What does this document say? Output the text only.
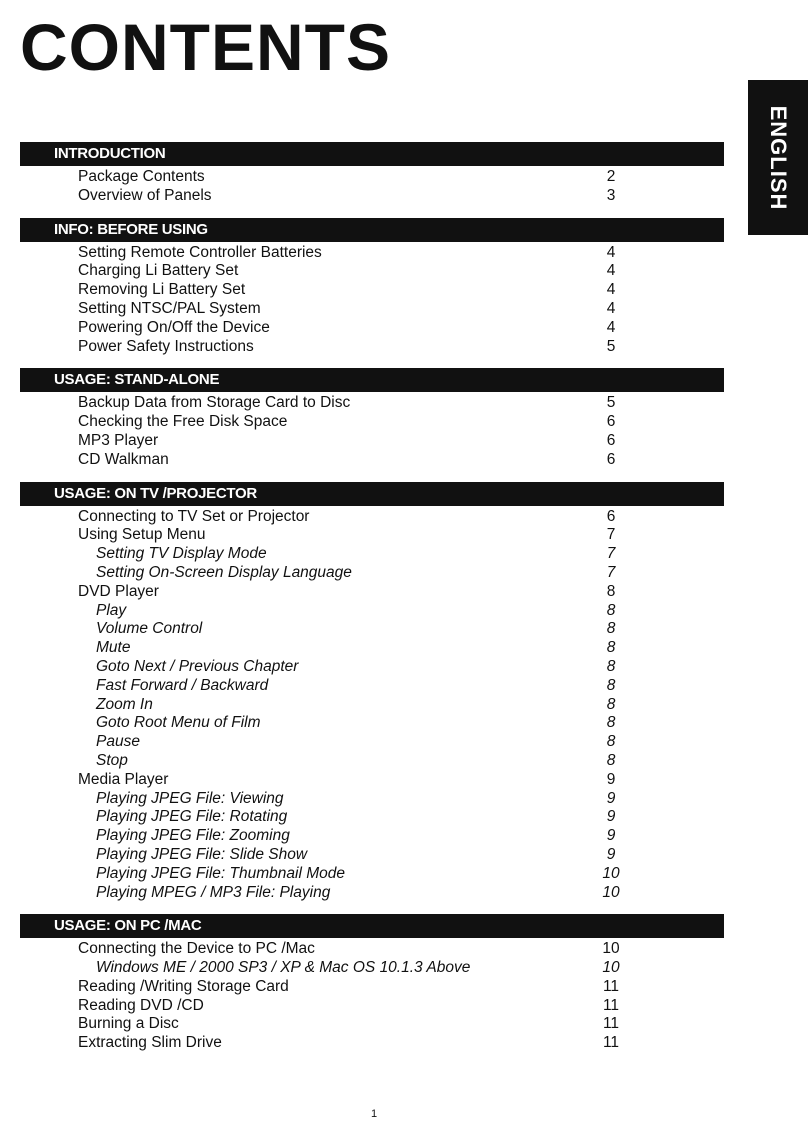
CONTENTS
ENGLISH
INTRODUCTION
Package Contents	2
Overview of Panels	3
INFO: BEFORE USING
Setting Remote Controller Batteries	4
Charging Li Battery Set	4
Removing Li Battery Set	4
Setting NTSC/PAL System	4
Powering On/Off the Device	4
Power Safety Instructions	5
USAGE: STAND-ALONE
Backup Data from Storage Card to Disc	5
Checking the Free Disk Space	6
MP3 Player	6
CD Walkman	6
USAGE: ON TV /PROJECTOR
Connecting to TV Set or Projector	6
Using Setup Menu	7
Setting TV Display Mode	7
Setting On-Screen Display Language	7
DVD Player	8
Play	8
Volume Control	8
Mute	8
Goto Next / Previous Chapter	8
Fast Forward / Backward	8
Zoom In	8
Goto Root Menu of Film	8
Pause	8
Stop	8
Media Player	9
Playing JPEG File: Viewing	9
Playing JPEG File: Rotating	9
Playing JPEG File: Zooming	9
Playing JPEG File: Slide Show	9
Playing JPEG File: Thumbnail Mode	10
Playing MPEG / MP3 File: Playing	10
USAGE: ON PC /MAC
Connecting the Device to PC /Mac	10
Windows ME / 2000 SP3 / XP & Mac OS 10.1.3 Above	10
Reading /Writing Storage Card	11
Reading DVD /CD	11
Burning a Disc	11
Extracting Slim Drive	11
1
